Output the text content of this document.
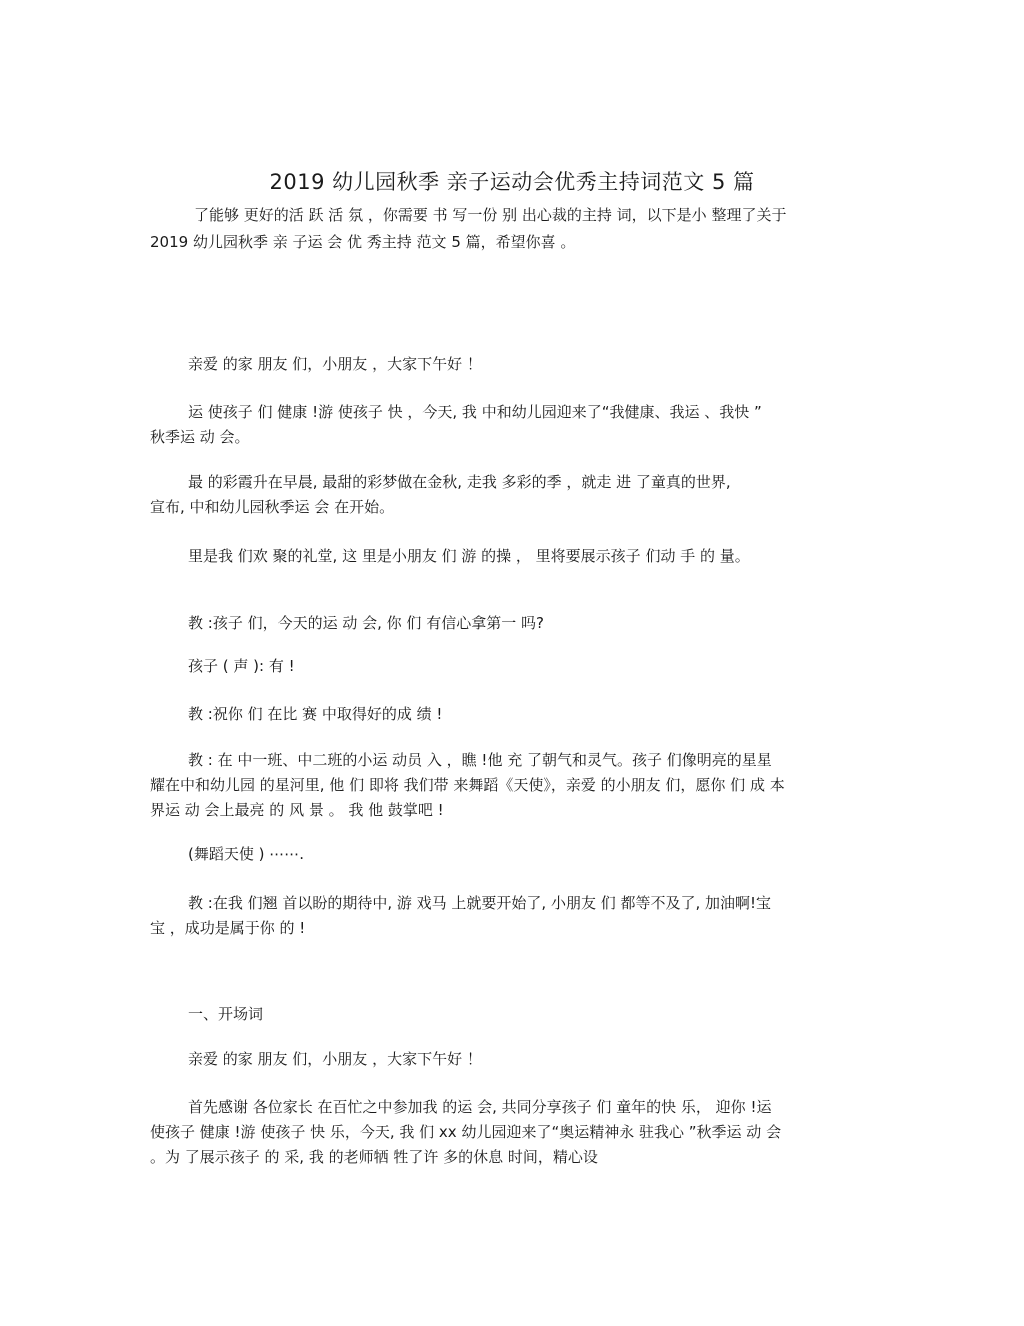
2019 幼儿园秋季 亲子运动会优秀主持词范文 5 篇
了能够 更好的活 跃 活 氛 ，你需要 书 写一份 别 出心裁的主持 词，以下是小 整理了关于
2019 幼儿园秋季 亲 子运 会 优 秀主持 范文 5 篇，希望你喜 。
亲爱 的家 朋友 们，小朋友 ，大家下午好 ！
运 使孩子 们 健康 !游 使孩子 快 ，今天, 我 中和幼儿园迎来了“我健康、我运 、我快 ”
秋季运 动 会。
最 的彩霞升在早晨, 最甜的彩梦做在金秋, 走我 多彩的季 ，就走 进 了童真的世界,
宣布, 中和幼儿园秋季运 会 在开始。
里是我 们欢 聚的礼堂, 这 里是小朋友 们 游 的操 ， 里将要展示孩子 们动 手 的 量。
教 :孩子 们，今天的运 动 会, 你 们 有信心拿第一 吗?
孩子 ( 声 ): 有 !
教 :祝你 们 在比 赛 中取得好的成 绩 !
教 : 在 中一班、中二班的小运 动员 入 ，瞧 !他 充 了朝气和灵气。孩子 们像明亮的星星
耀在中和幼儿园 的星河里, 他 们 即将 我们带 来舞蹈《天使》，亲爱 的小朋友 们，愿你 们 成 本
界运 动 会上最亮 的 风 景 。 我 他 鼓掌吧 !
(舞蹈天使 ) ⋯⋯.
教 :在我 们翘 首以盼的期待中, 游 戏马 上就要开始了, 小朋友 们 都等不及了, 加油啊!宝
宝 ，成功是属于你 的 !
一、开场词
亲爱 的家 朋友 们，小朋友 ，大家下午好 ！
首先感谢 各位家长 在百忙之中参加我 的运 会, 共同分享孩子 们 童年的快 乐， 迎你 !运
使孩子 健康 !游 使孩子 快 乐，今天, 我 们 xx 幼儿园迎来了“奥运精神永 驻我心 ”秋季运 动 会
。为 了展示孩子 的 采, 我 的老师牺 牲了许 多的休息 时间，精心设
